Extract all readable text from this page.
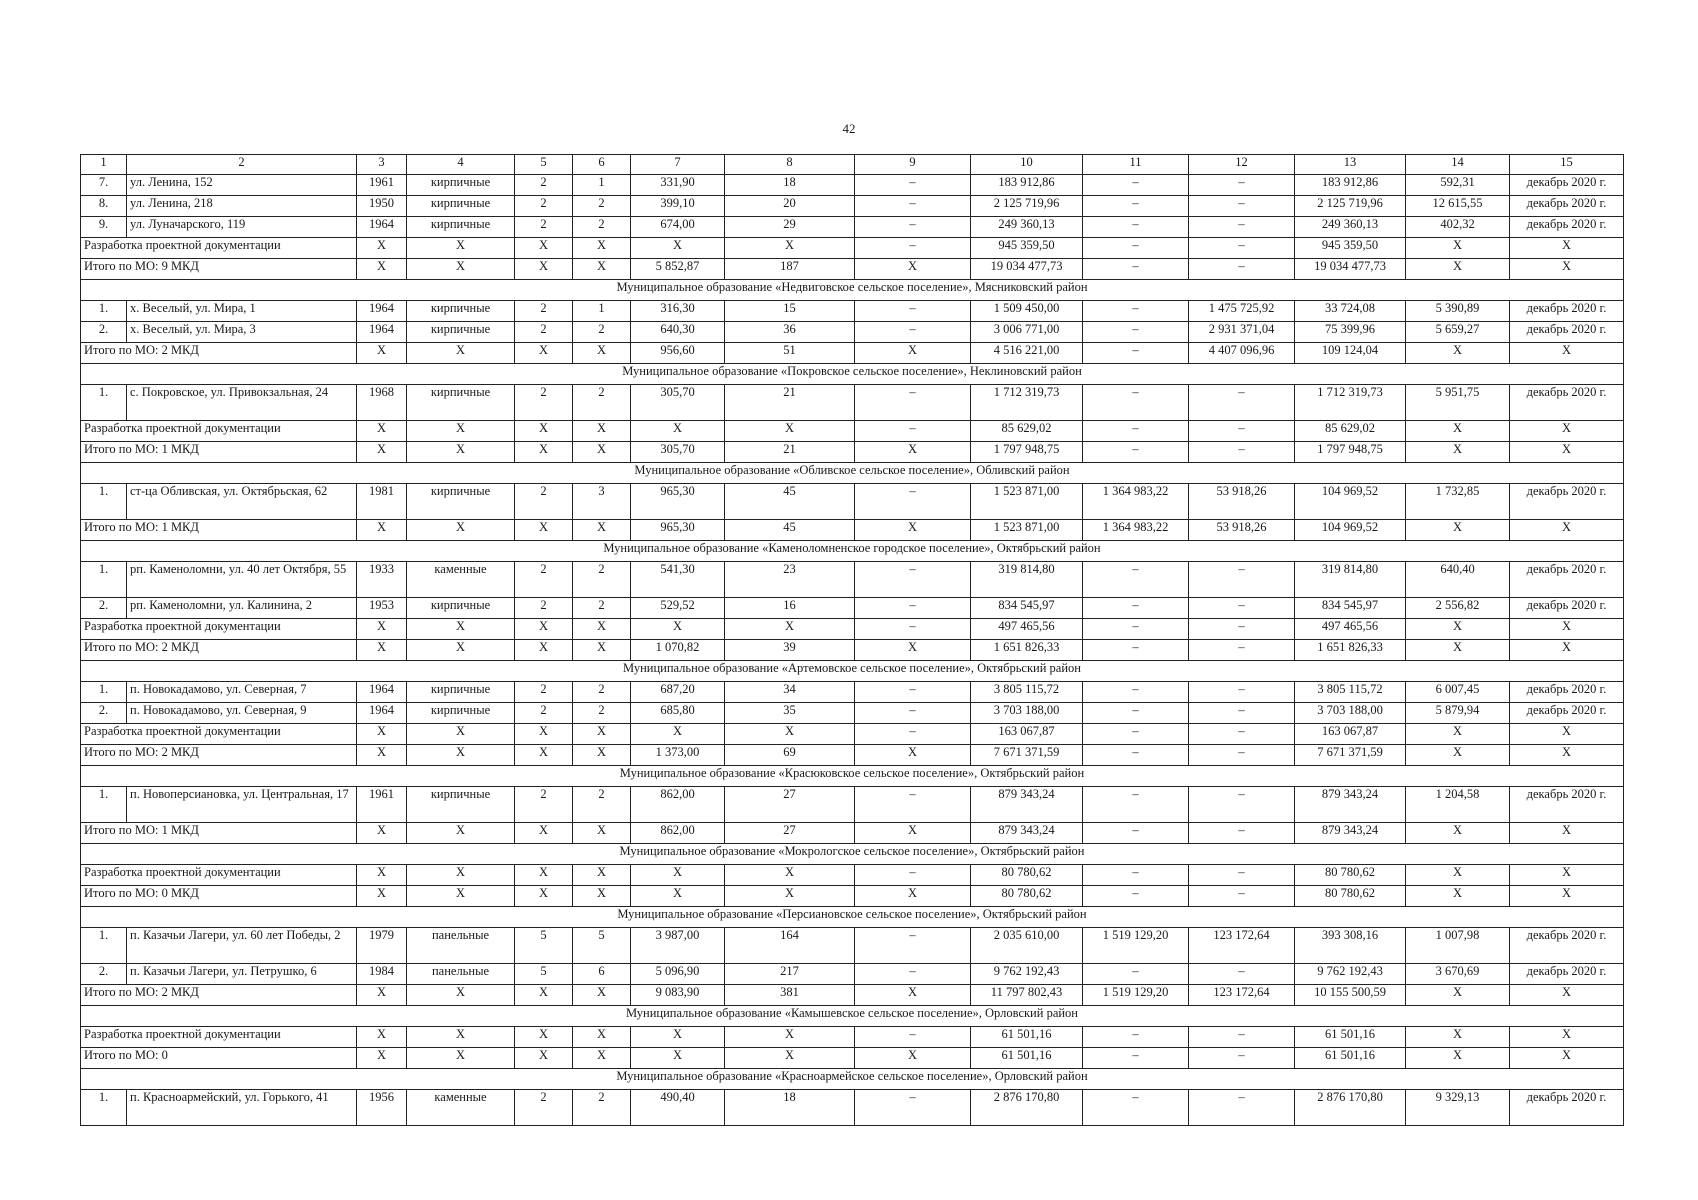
42
1	2	3	4	5	6	7	8	9	10	11	12	13	14	15
7.	ул. Ленина, 152	1961	кирпичные	2	1	331,90	18	–	183 912,86	–	–	183 912,86	592,31	декабрь 2020 г.
8.	ул. Ленина, 218	1950	кирпичные	2	2	399,10	20	–	2 125 719,96	–	–	2 125 719,96	12 615,55	декабрь 2020 г.
9.	ул. Луначарского, 119	1964	кирпичные	2	2	674,00	29	–	249 360,13	–	–	249 360,13	402,32	декабрь 2020 г.
Разработка проектной документации		Х	Х	Х	Х	Х	Х	–	945 359,50	–	–	945 359,50	Х	Х
Итого по МО: 9 МКД		Х	Х	Х	Х	5 852,87	187	Х	19 034 477,73	–	–	19 034 477,73	Х	Х
Муниципальное образование «Недвиговское сельское поселение», Мясниковский район														
1.	х. Веселый, ул. Мира, 1	1964	кирпичные	2	1	316,30	15	–	1 509 450,00	–	1 475 725,92	33 724,08	5 390,89	декабрь 2020 г.
2.	х. Веселый, ул. Мира, 3	1964	кирпичные	2	2	640,30	36	–	3 006 771,00	–	2 931 371,04	75 399,96	5 659,27	декабрь 2020 г.
Итого по МО: 2 МКД		Х	Х	Х	Х	956,60	51	Х	4 516 221,00	–	4 407 096,96	109 124,04	Х	Х
Муниципальное образование «Покровское сельское поселение», Неклиновский район														
1.	с. Покровское, ул. Привокзальная, 24	1968	кирпичные	2	2	305,70	21	–	1 712 319,73	–	–	1 712 319,73	5 951,75	декабрь 2020 г.
Разработка проектной документации		Х	Х	Х	Х	Х	Х	–	85 629,02	–	–	85 629,02	Х	Х
Итого по МО: 1 МКД		Х	Х	Х	Х	305,70	21	Х	1 797 948,75	–	–	1 797 948,75	Х	Х
Муниципальное образование «Обливское сельское поселение», Обливский район														
1.	ст-ца Обливская, ул. Октябрьская, 62	1981	кирпичные	2	3	965,30	45	–	1 523 871,00	1 364 983,22	53 918,26	104 969,52	1 732,85	декабрь 2020 г.
Итого по МО: 1 МКД		Х	Х	Х	Х	965,30	45	Х	1 523 871,00	1 364 983,22	53 918,26	104 969,52	Х	Х
Муниципальное образование «Каменоломненское городское поселение», Октябрьский район														
1.	рп. Каменоломни, ул. 40 лет Октября, 55	1933	каменные	2	2	541,30	23	–	319 814,80	–	–	319 814,80	640,40	декабрь 2020 г.
2.	рп. Каменоломни, ул. Калинина, 2	1953	кирпичные	2	2	529,52	16	–	834 545,97	–	–	834 545,97	2 556,82	декабрь 2020 г.
Разработка проектной документации		Х	Х	Х	Х	Х	Х	–	497 465,56	–	–	497 465,56	Х	Х
Итого по МО: 2 МКД		Х	Х	Х	Х	1 070,82	39	Х	1 651 826,33	–	–	1 651 826,33	Х	Х
Муниципальное образование «Артемовское сельское поселение», Октябрьский район														
1.	п. Новокадамово, ул. Северная, 7	1964	кирпичные	2	2	687,20	34	–	3 805 115,72	–	–	3 805 115,72	6 007,45	декабрь 2020 г.
2.	п. Новокадамово, ул. Северная, 9	1964	кирпичные	2	2	685,80	35	–	3 703 188,00	–	–	3 703 188,00	5 879,94	декабрь 2020 г.
Разработка проектной документации		Х	Х	Х	Х	Х	Х	–	163 067,87	–	–	163 067,87	Х	Х
Итого по МО: 2 МКД		Х	Х	Х	Х	1 373,00	69	Х	7 671 371,59	–	–	7 671 371,59	Х	Х
Муниципальное образование «Красюковское сельское поселение», Октябрьский район														
1.	п. Новоперсиановка, ул. Центральная, 17	1961	кирпичные	2	2	862,00	27	–	879 343,24	–	–	879 343,24	1 204,58	декабрь 2020 г.
Итого по МО: 1 МКД		Х	Х	Х	Х	862,00	27	Х	879 343,24	–	–	879 343,24	Х	Х
Муниципальное образование «Мокрологское сельское поселение», Октябрьский район														
Разработка проектной документации		Х	Х	Х	Х	Х	Х	–	80 780,62	–	–	80 780,62	Х	Х
Итого по МО: 0 МКД		Х	Х	Х	Х	Х	Х	Х	80 780,62	–	–	80 780,62	Х	Х
Муниципальное образование «Персиановское сельское поселение», Октябрьский район														
1.	п. Казачьи Лагери, ул. 60 лет Победы, 2	1979	панельные	5	5	3 987,00	164	–	2 035 610,00	1 519 129,20	123 172,64	393 308,16	1 007,98	декабрь 2020 г.
2.	п. Казачьи Лагери, ул. Петрушко, 6	1984	панельные	5	6	5 096,90	217	–	9 762 192,43	–	–	9 762 192,43	3 670,69	декабрь 2020 г.
Итого по МО: 2 МКД		Х	Х	Х	Х	9 083,90	381	Х	11 797 802,43	1 519 129,20	123 172,64	10 155 500,59	Х	Х
Муниципальное образование «Камышевское сельское поселение», Орловский район														
Разработка проектной документации		Х	Х	Х	Х	Х	Х	–	61 501,16	–	–	61 501,16	Х	Х
Итого по МО: 0		Х	Х	Х	Х	Х	Х	Х	61 501,16	–	–	61 501,16	Х	Х
Муниципальное образование «Красноармейское сельское поселение», Орловский район														
1.	п. Красноармейский, ул. Горького, 41	1956	каменные	2	2	490,40	18	–	2 876 170,80	–	–	2 876 170,80	9 329,13	декабрь 2020 г.
